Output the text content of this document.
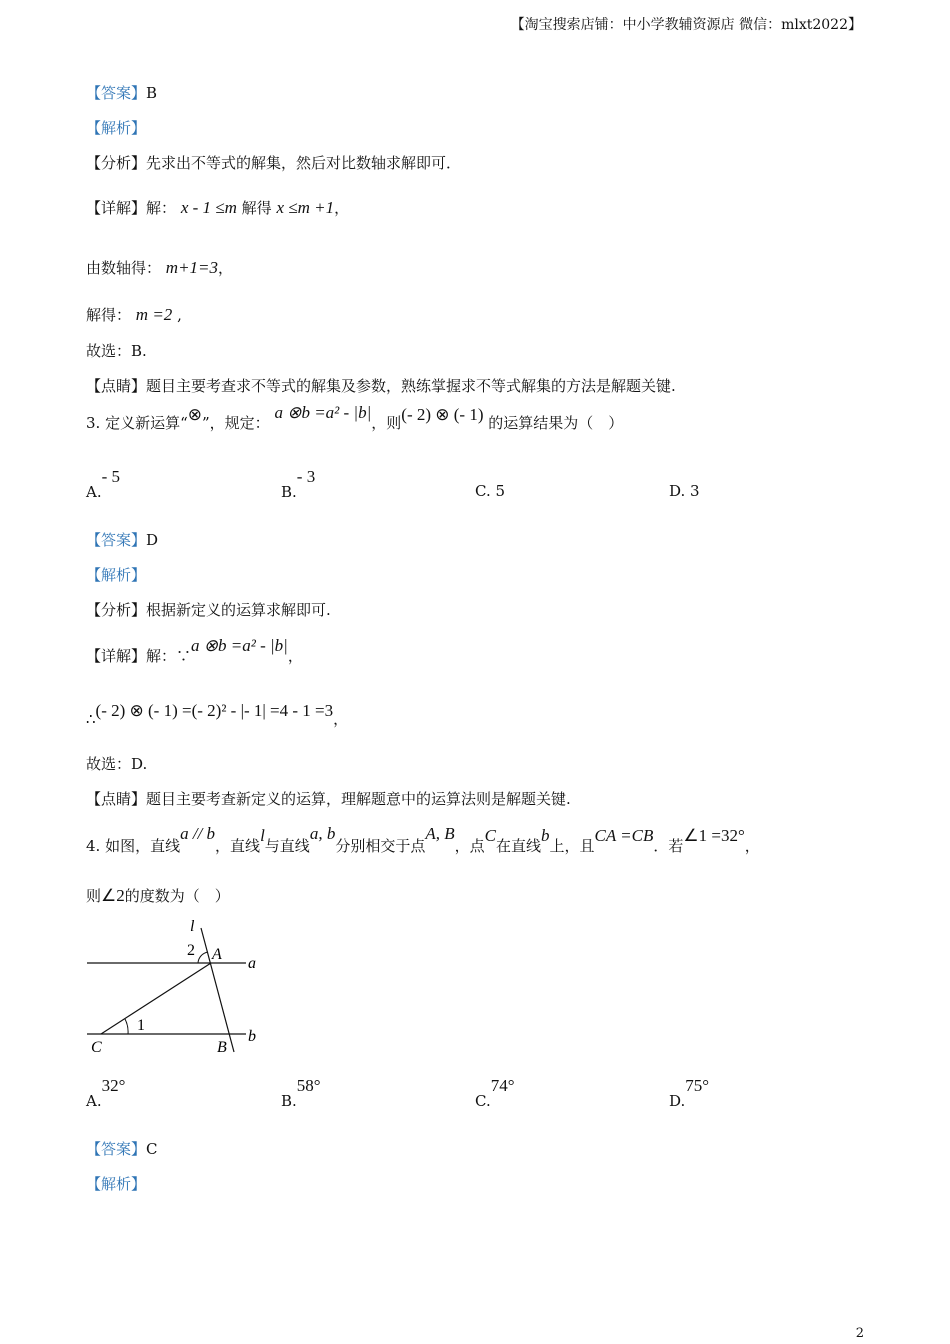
【淘宝搜索店铺：中小学教辅资源店 微信：mlxt2022】
【答案】B
【解析】
【分析】先求出不等式的解集，然后对比数轴求解即可．
【详解】解： x - 1 ≤m 解得 x ≤m +1，
由数轴得： m+1=3，
解得： m =2 ,
故选：B.
【点睛】题目主要考查求不等式的解集及参数，熟练掌握求不等式解集的方法是解题关键.
3. 定义新运算“⊗”，规定： a ⊗b =a² - |b|，则(- 2) ⊗ (- 1) 的运算结果为（　）
A.- 5
B.- 3
C. 5	D. 3
【答案】D
【解析】
【分析】根据新定义的运算求解即可.
【详解】解：∵a ⊗b =a² - |b|，
∴(- 2) ⊗ (- 1) =(- 2)² - |- 1| =4 - 1 =3，
故选：D.
【点睛】题目主要考查新定义的运算，理解题意中的运算法则是解题关键.
4. 如图，直线a // b，直线l与直线a, b分别相交于点A, B，点C在直线b上，且CA =CB．若∠1 =32°，
则∠2的度数为（　）
l
2 A
a
1
C	B
b
A.32°
B.58°
C.74°
D.75°
【答案】C
【解析】
2
